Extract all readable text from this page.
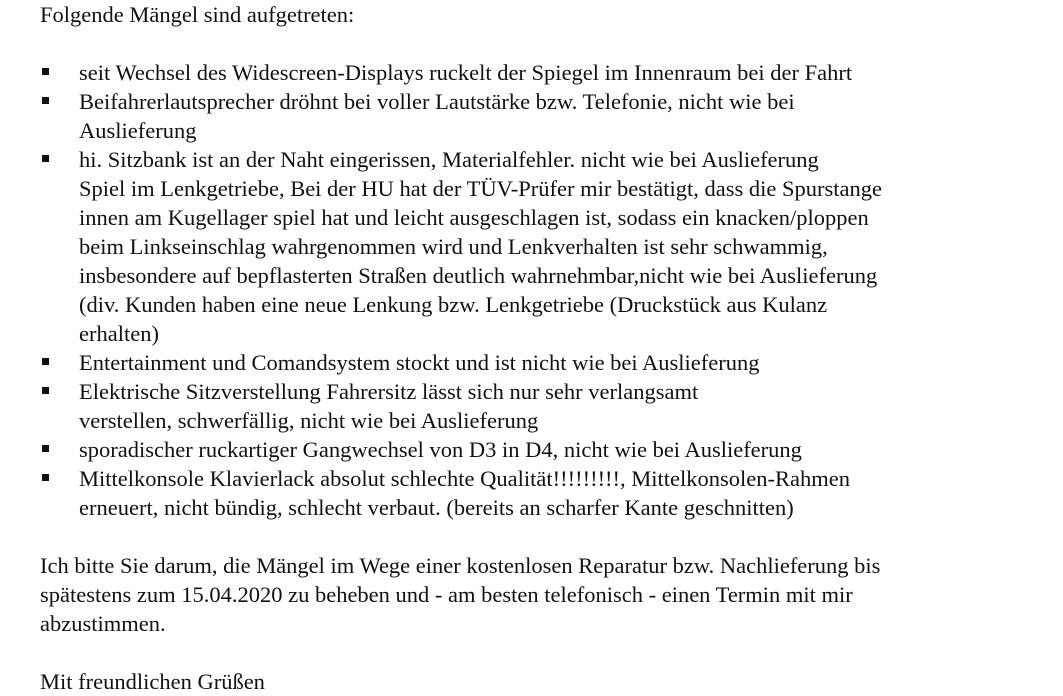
Folgende Mängel sind aufgetreten:
seit Wechsel des Widescreen-Displays ruckelt der Spiegel im Innenraum bei der Fahrt
Beifahrerlautsprecher dröhnt bei voller Lautstärke bzw. Telefonie, nicht wie bei
Auslieferung
hi. Sitzbank ist an der Naht eingerissen, Materialfehler. nicht wie bei Auslieferung
Spiel im Lenkgetriebe, Bei der HU hat der TÜV-Prüfer mir bestätigt, dass die Spurstange
innen am Kugellager spiel hat und leicht ausgeschlagen ist, sodass ein knacken/ploppen
beim Linkseinschlag wahrgenommen wird und Lenkverhalten ist sehr schwammig,
insbesondere auf bepflasterten Straßen deutlich wahrnehmbar,nicht wie bei Auslieferung
(div. Kunden haben eine neue Lenkung bzw. Lenkgetriebe (Druckstück aus Kulanz
erhalten)
Entertainment und Comandsystem stockt und ist nicht wie bei Auslieferung
Elektrische Sitzverstellung Fahrersitz lässt sich nur sehr verlangsamt
verstellen, schwerfällig, nicht wie bei Auslieferung
sporadischer ruckartiger Gangwechsel von D3 in D4, nicht wie bei Auslieferung
Mittelkonsole Klavierlack absolut schlechte Qualität!!!!!!!!!, Mittelkonsolen-Rahmen
erneuert, nicht bündig, schlecht verbaut. (bereits an scharfer Kante geschnitten)
Ich bitte Sie darum, die Mängel im Wege einer kostenlosen Reparatur bzw. Nachlieferung bis
spätestens zum 15.04.2020 zu beheben und - am besten telefonisch - einen Termin mit mir
abzustimmen.
Mit freundlichen Grüßen
